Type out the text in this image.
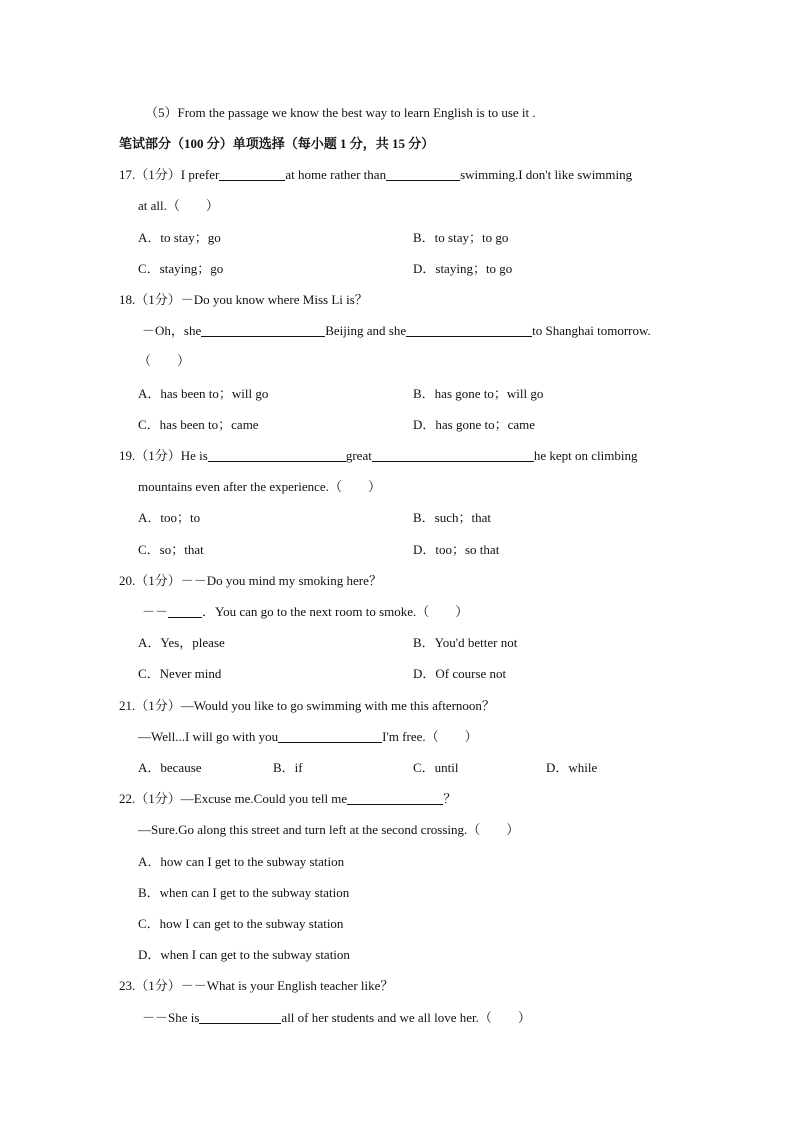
（5）From the passage we know the best way to learn English is to use it .
笔试部分（100 分）单项选择（每小题 1 分，共 15 分）
17.（1分）I prefer	at home rather than	swimming.I don't like swimming
at all.（　　）
A．to stay；go	B．to stay；to go
C．staying；go	D．staying；to go
18.（1分）－Do you know where Miss Li is？
－Oh，she	Beijing and she	to Shanghai tomorrow.
（　　）
A．has been to；will go	B．has gone to；will go
C．has been to；came	D．has gone to；came
19.（1分）He is	great	he kept on climbing
mountains even after the experience.（　　）
A．too；to	B．such；that
C．so；that	D．too；so that
20.（1分）－－Do you mind my smoking here？
－－	．You can go to the next room to smoke.（　　）
A．Yes，please	B．You'd better not
C．Never mind	D．Of course not
21.（1分）—Would you like to go swimming with me this afternoon？
—Well...I will go with you	I'm free.（　　）
A．because	B．if	C．until	D．while
22.（1分）—Excuse me.Could you tell me	？
—Sure.Go along this street and turn left at the second crossing.（　　）
A．how can I get to the subway station
B．when can I get to the subway station
C．how I can get to the subway station
D．when I can get to the subway station
23.（1分）－－What is your English teacher like？
－－She is	all of her students and we all love her.（　　）
